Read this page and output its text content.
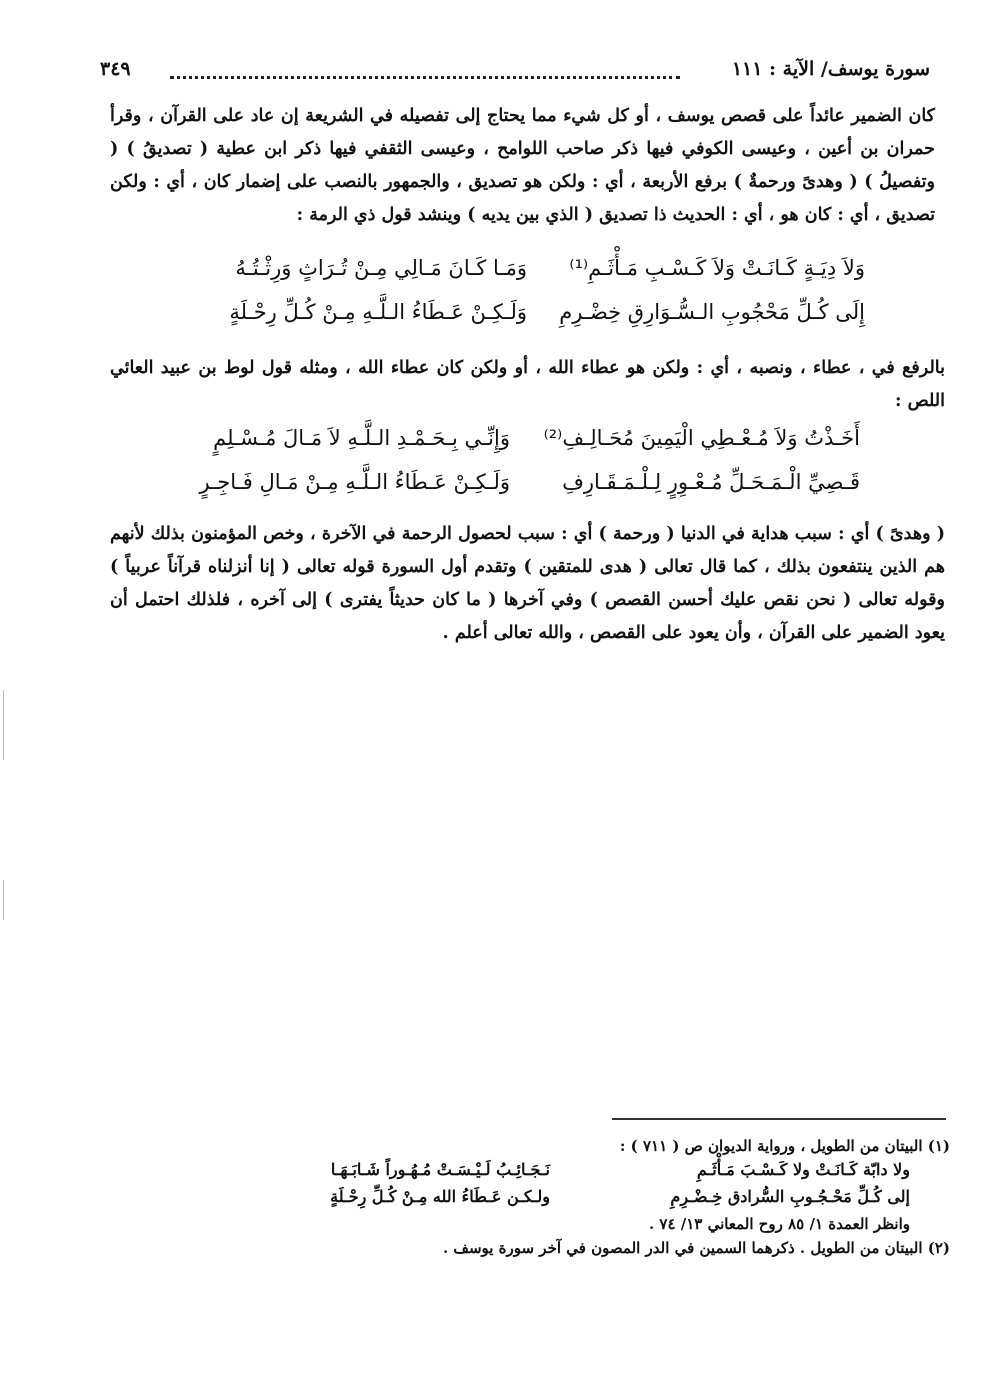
سورة يوسف/ الآية : ١١١
٣٤٩
كان الضمير عائداً على قصص يوسف ، أو كل شيء مما يحتاج إلى تفصيله في الشريعة إن عاد على القرآن ، وقرأ حمران بن أعين ، وعيسى الكوفي فيها ذكر صاحب اللوامح ، وعيسى الثقفي فيها ذكر ابن عطية ( تصديقُ ) ( وتفصيلُ ) ( وهدىً ورحمةٌ ) برفع الأربعة ، أي : ولكن هو تصديق ، والجمهور بالنصب على إضمار كان ، أي : ولكن تصديق ، أي : كان هو ، أي : الحديث ذا تصديق ( الذي بين يديه ) وينشد قول ذي الرمة :
وَلاَ دِيَـةٍ كَـانَـتْ وَلاَ كَـسْـبِ مَـأْثَـمِ⁽¹⁾
وَمَـا كَـانَ مَـالِي مِـنْ تُـرَاثٍ وَرِثْـتُـهُ
إِلَى كُـلِّ مَحْجُوبِ الـسُّـوَارِقِ خِضْـرِمِ
وَلَـكِـنْ عَـطَاءُ الـلَّـهِ مِـنْ كُـلِّ رِحْـلَةٍ
بالرفع في ، عطاء ، ونصبه ، أي : ولكن هو عطاء الله ، أو ولكن كان عطاء الله ، ومثله قول لوط بن عبيد العائي اللص :
أَخَـذْتُ وَلاَ مُـعْـطِي الْيَمِينَ مُحَـالِـفِ⁽²⁾
وَإِنِّـي بِـحَـمْـدِ الـلَّـهِ لاَ مَـالَ مُـسْـلِمٍ
قَـصِيِّ الْـمَـحَـلِّ مُـعْـوِرٍ لِـلْـمَـقَـارِفِ
وَلَـكِـنْ عَـطَاءُ الـلَّـهِ مِـنْ مَـالِ فَـاجِـرٍ
( وهدىً ) أي : سبب هداية في الدنيا ( ورحمة ) أي : سبب لحصول الرحمة في الآخرة ، وخص المؤمنون بذلك لأنهم هم الذين ينتفعون بذلك ، كما قال تعالى ( هدى للمتقين ) وتقدم أول السورة قوله تعالى ( إنا أنزلناه قرآناً عربياً ) وقوله تعالى ( نحن نقص عليك أحسن القصص ) وفي آخرها ( ما كان حديثاً يفترى ) إلى آخره ، فلذلك احتمل أن يعود الضمير على القرآن ، وأن يعود على القصص ، والله تعالى أعلم .
(١) البيتان من الطويل ، ورواية الديوان ص ( ٧١١ ) :
ولا دابّة كَـانَـتْ ولا كَـسْـبَ مَـأْثَـمِ
نَـجَـائِـبُ لَـيْـسَـتْ مُـهُـوراً شَـابَـهَـا
إلى كُـلِّ مَحْـجُـوبِ السُّرادق خِـضْـرِمِ
ولـكـن عَـطَاءُ الله مِـنْ كُـلِّ رِحْـلَةٍ
وانظر العمدة ١/ ٨٥ روح المعاني ١٣/ ٧٤ .
(٢) البيتان من الطويل . ذكرهما السمين في الدر المصون في آخر سورة يوسف .
